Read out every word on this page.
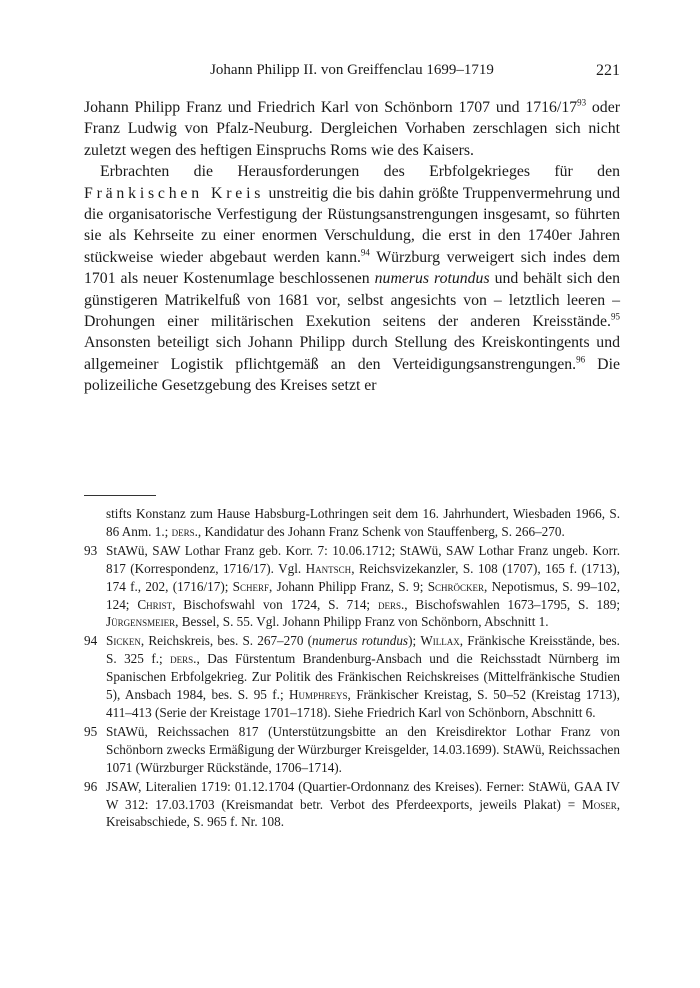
Johann Philipp II. von Greiffenclau 1699–1719	221

Johann Philipp Franz und Friedrich Karl von Schönborn 1707 und $1716/17^{93}$ oder Franz Ludwig von Pfalz-Neuburg. Dergleichen Vorhaben zerschlagen sich nicht zuletzt wegen des heftigen Einspruchs Roms wie des Kaisers.

Erbrachten die Herausforderungen des Erbfolgekrieges für den Fränkischen Kreis unstreitig die bis dahin größte Truppenvermehrung und die organisatorische Verfestigung der Rüstungsanstrengungen insgesamt, so führten sie als Kehrseite zu einer enormen Verschuldung, die erst in den 1740er Jahren stückweise wieder abgebaut werden kann.$^{94}$ Würzburg verweigert sich indes dem 1701 als neuer Kostenumlage beschlossenen numerus rotundus und behält sich den günstigeren Matrikelfuß von 1681 vor, selbst angesichts von – letztlich leeren – Drohungen einer militärischen Exekution seitens der anderen Kreisstände.$^{95}$ Ansonsten beteiligt sich Johann Philipp durch Stellung des Kreiskontingents und allgemeiner Logistik pflichtgemäß an den Verteidigungsanstrengungen.$^{96}$ Die polizeiliche Gesetzgebung des Kreises setzt er

stifts Konstanz zum Hause Habsburg-Lothringen seit dem 16. Jahrhundert, Wiesbaden 1966, S. 86 Anm. 1.; ders., Kandidatur des Johann Franz Schenk von Stauffenberg, S. 266–270.
93 StAWü, SAW Lothar Franz geb. Korr. 7: 10.06.1712; StAWü, SAW Lothar Franz ungeb. Korr. 817 (Korrespondenz, 1716/17). Vgl. Hantsch, Reichsvizekanzler, S. 108 (1707), 165 f. (1713), 174 f., 202, (1716/17); Scherf, Johann Philipp Franz, S. 9; Schröcker, Nepotismus, S. 99–102, 124; Christ, Bischofswahl von 1724, S. 714; ders., Bischofswahlen 1673–1795, S. 189; Jürgensmeier, Bessel, S. 55. Vgl. Johann Philipp Franz von Schönborn, Abschnitt 1.
94 Sicken, Reichskreis, bes. S. 267–270 (numerus rotundus); Willax, Fränkische Kreisstände, bes. S. 325 f.; ders., Das Fürstentum Brandenburg-Ansbach und die Reichsstadt Nürnberg im Spanischen Erbfolgekrieg. Zur Politik des Fränkischen Reichskreises (Mittelfränkische Studien 5), Ansbach 1984, bes. S. 95 f.; Humphreys, Fränkischer Kreistag, S. 50–52 (Kreistag 1713), 411–413 (Serie der Kreistage 1701–1718). Siehe Friedrich Karl von Schönborn, Abschnitt 6.
95 StAWü, Reichssachen 817 (Unterstützungsbitte an den Kreisdirektor Lothar Franz von Schönborn zwecks Ermäßigung der Würzburger Kreisgelder, 14.03.1699). StAWü, Reichssachen 1071 (Würzburger Rückstände, 1706–1714).
96 JSAW, Literalien 1719: 01.12.1704 (Quartier-Ordonnanz des Kreises). Ferner: StAWü, GAA IV W 312: 17.03.1703 (Kreismandat betr. Verbot des Pferdeexports, jeweils Plakat) = Moser, Kreisabschiede, S. 965 f. Nr. 108.
